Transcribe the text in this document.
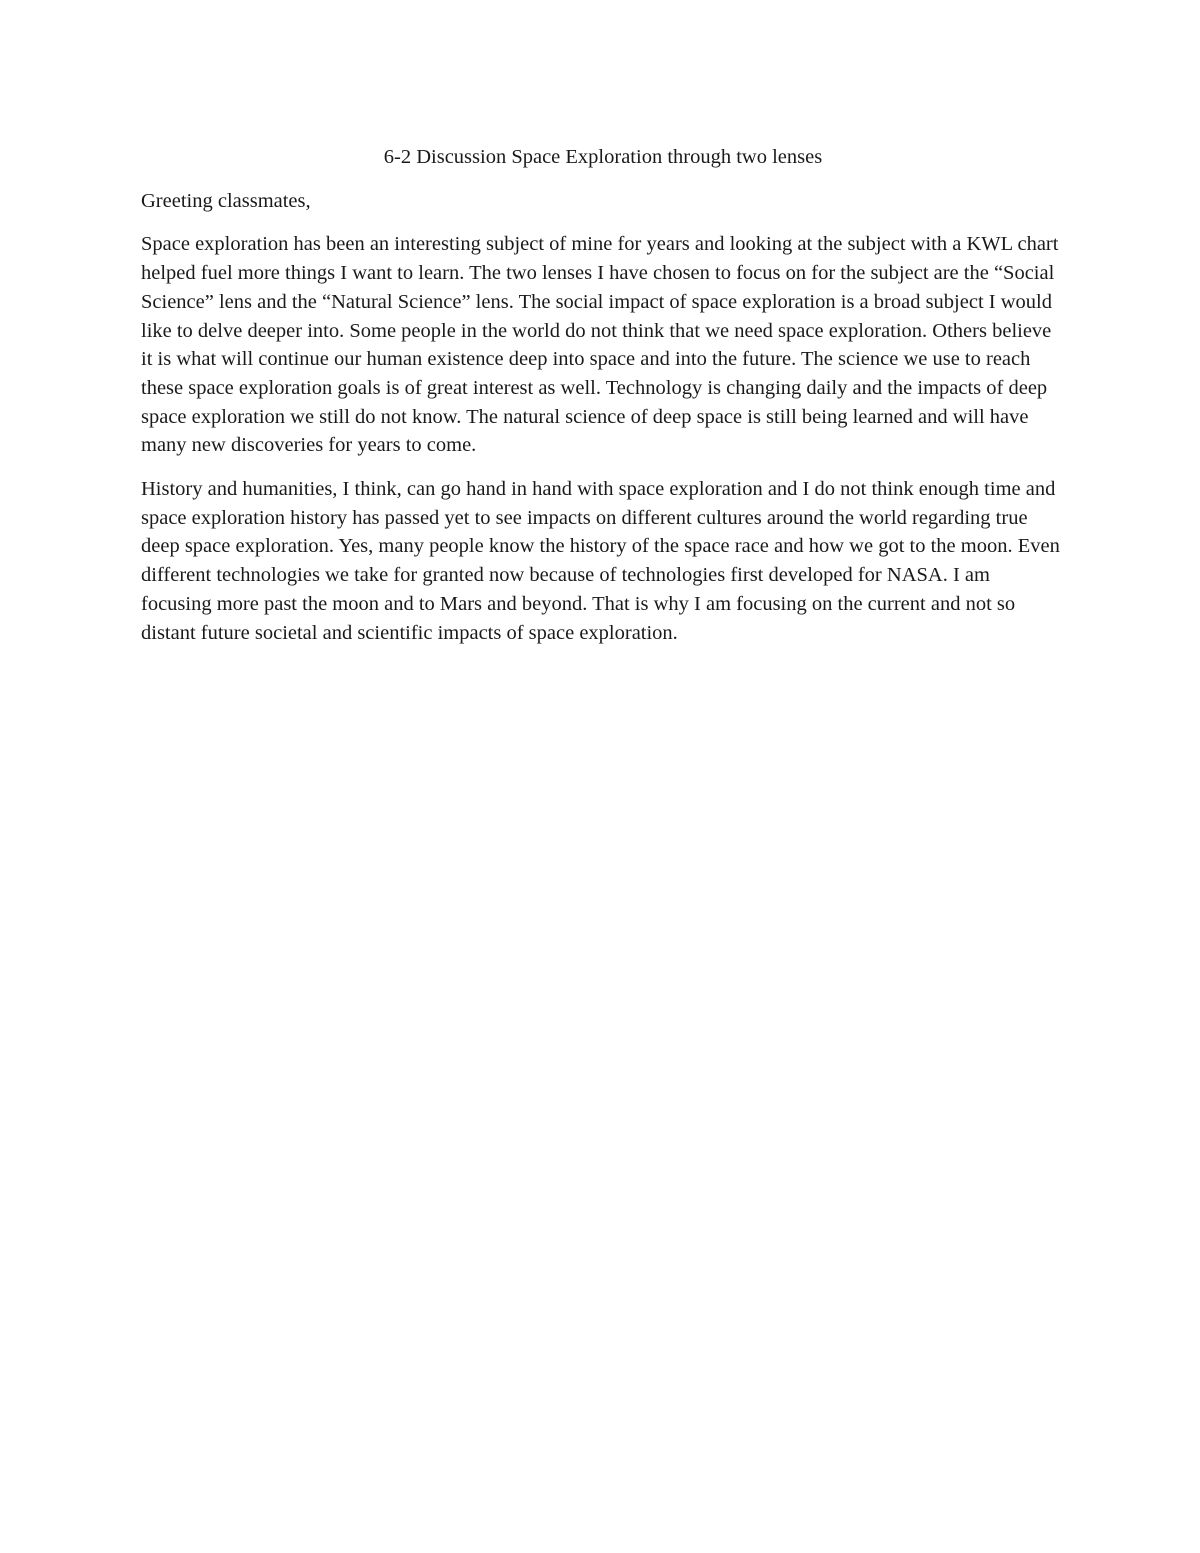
6-2 Discussion Space Exploration through two lenses

Greeting classmates,

Space exploration has been an interesting subject of mine for years and looking at the subject with a KWL chart helped fuel more things I want to learn. The two lenses I have chosen to focus on for the subject are the “Social Science” lens and the “Natural Science” lens. The social impact of space exploration is a broad subject I would like to delve deeper into. Some people in the world do not think that we need space exploration. Others believe it is what will continue our human existence deep into space and into the future. The science we use to reach these space exploration goals is of great interest as well. Technology is changing daily and the impacts of deep space exploration we still do not know. The natural science of deep space is still being learned and will have many new discoveries for years to come.

History and humanities, I think, can go hand in hand with space exploration and I do not think enough time and space exploration history has passed yet to see impacts on different cultures around the world regarding true deep space exploration. Yes, many people know the history of the space race and how we got to the moon. Even different technologies we take for granted now because of technologies first developed for NASA. I am focusing more past the moon and to Mars and beyond. That is why I am focusing on the current and not so distant future societal and scientific impacts of space exploration.
